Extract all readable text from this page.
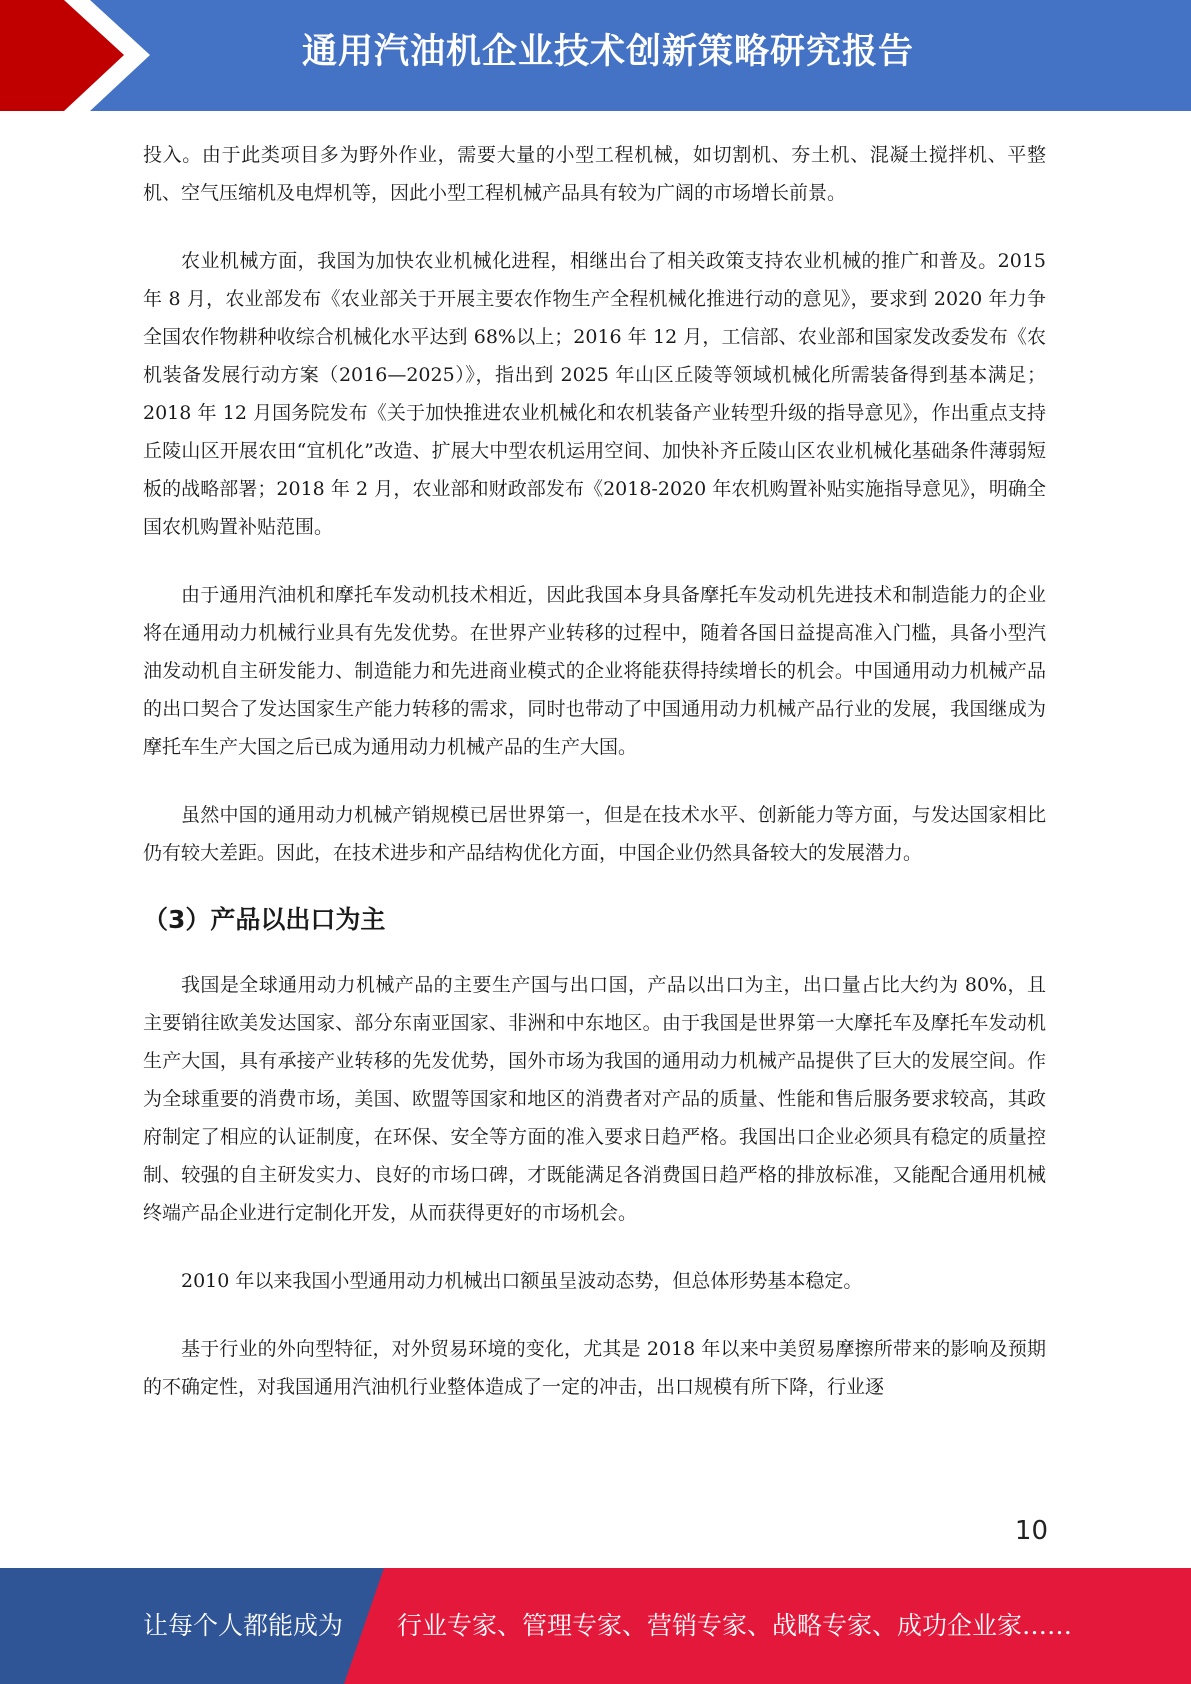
通用汽油机企业技术创新策略研究报告

投入。由于此类项目多为野外作业，需要大量的小型工程机械，如切割机、夯土机、混凝土搅拌机、平整机、空气压缩机及电焊机等，因此小型工程机械产品具有较为广阔的市场增长前景。

农业机械方面，我国为加快农业机械化进程，相继出台了相关政策支持农业机械的推广和普及。2015 年 8 月，农业部发布《农业部关于开展主要农作物生产全程机械化推进行动的意见》，要求到 2020 年力争全国农作物耕种收综合机械化水平达到 68%以上；2016 年 12 月，工信部、农业部和国家发改委发布《农机装备发展行动方案（2016—2025）》，指出到 2025 年山区丘陵等领域机械化所需装备得到基本满足；2018 年 12 月国务院发布《关于加快推进农业机械化和农机装备产业转型升级的指导意见》，作出重点支持丘陵山区开展农田“宜机化”改造、扩展大中型农机运用空间、加快补齐丘陵山区农业机械化基础条件薄弱短板的战略部署；2018 年 2 月，农业部和财政部发布《2018-2020 年农机购置补贴实施指导意见》，明确全国农机购置补贴范围。

由于通用汽油机和摩托车发动机技术相近，因此我国本身具备摩托车发动机先进技术和制造能力的企业将在通用动力机械行业具有先发优势。在世界产业转移的过程中，随着各国日益提高准入门槛，具备小型汽油发动机自主研发能力、制造能力和先进商业模式的企业将能获得持续增长的机会。中国通用动力机械产品的出口契合了发达国家生产能力转移的需求，同时也带动了中国通用动力机械产品行业的发展，我国继成为摩托车生产大国之后已成为通用动力机械产品的生产大国。

虽然中国的通用动力机械产销规模已居世界第一，但是在技术水平、创新能力等方面，与发达国家相比仍有较大差距。因此，在技术进步和产品结构优化方面，中国企业仍然具备较大的发展潜力。

（3）产品以出口为主

我国是全球通用动力机械产品的主要生产国与出口国，产品以出口为主，出口量占比大约为 80%，且主要销往欧美发达国家、部分东南亚国家、非洲和中东地区。由于我国是世界第一大摩托车及摩托车发动机生产大国，具有承接产业转移的先发优势，国外市场为我国的通用动力机械产品提供了巨大的发展空间。作为全球重要的消费市场，美国、欧盟等国家和地区的消费者对产品的质量、性能和售后服务要求较高，其政府制定了相应的认证制度，在环保、安全等方面的准入要求日趋严格。我国出口企业必须具有稳定的质量控制、较强的自主研发实力、良好的市场口碑，才既能满足各消费国日趋严格的排放标准，又能配合通用机械终端产品企业进行定制化开发，从而获得更好的市场机会。

2010 年以来我国小型通用动力机械出口额虽呈波动态势，但总体形势基本稳定。

基于行业的外向型特征，对外贸易环境的变化，尤其是 2018 年以来中美贸易摩擦所带来的影响及预期的不确定性，对我国通用汽油机行业整体造成了一定的冲击，出口规模有所下降，行业逐

10
让每个人都能成为 行业专家、管理专家、营销专家、战略专家、成功企业家……
